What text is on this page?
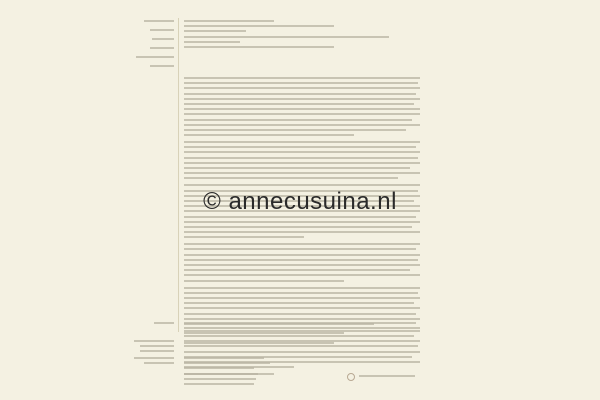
© annecusuina.nl
